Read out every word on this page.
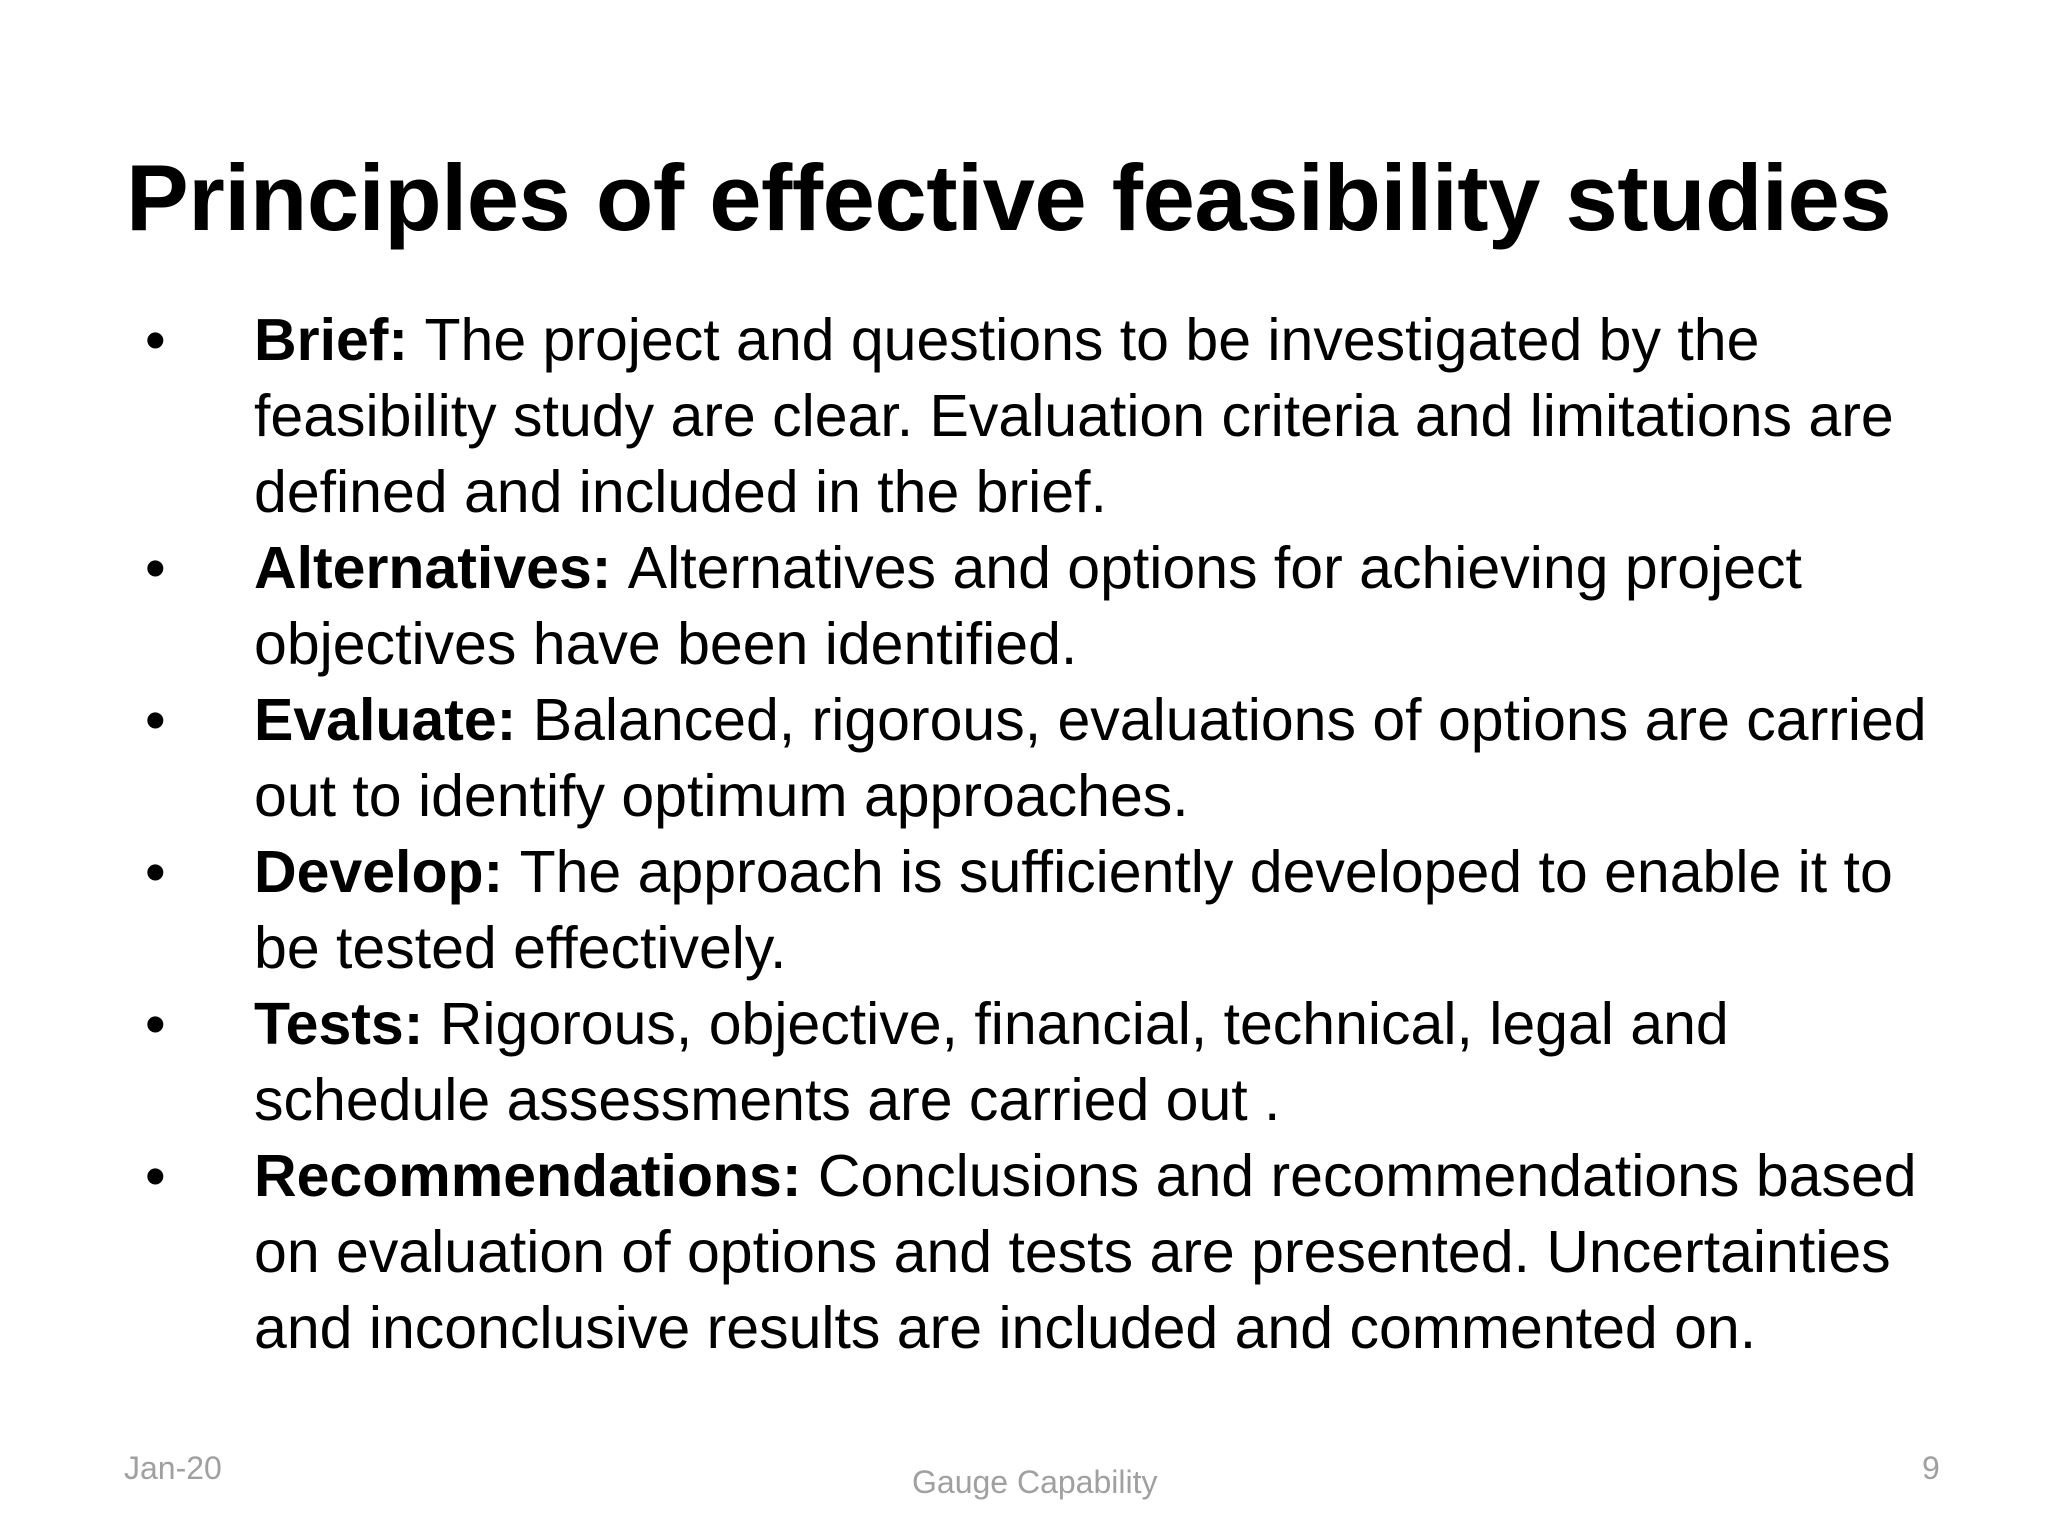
Principles of effective feasibility studies
•	Brief: The project and questions to be investigated by the feasibility study are clear. Evaluation criteria and limitations are defined and included in the brief.
•	Alternatives: Alternatives and options for achieving project objectives have been identified.
•	Evaluate: Balanced, rigorous, evaluations of options are carried out to identify optimum approaches.
•	Develop: The approach is sufficiently developed to enable it to be tested effectively.
•	Tests: Rigorous, objective, financial, technical, legal and schedule assessments are carried out .
•	Recommendations: Conclusions and recommendations based on evaluation of options and tests are presented. Uncertainties and inconclusive results are included and commented on.
Jan-20	Gauge Capability	9
